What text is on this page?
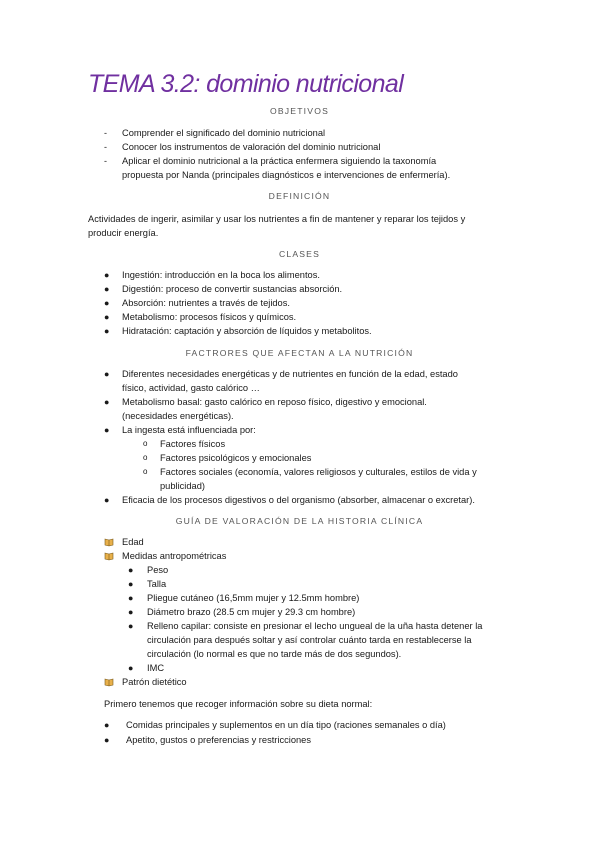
TEMA 3.2: dominio nutricional
OBJETIVOS
- Comprender el significado del dominio nutricional
- Conocer los instrumentos de valoración del dominio nutricional
- Aplicar el dominio nutricional a la práctica enfermera siguiendo la taxonomía
propuesta por Nanda (principales diagnósticos e intervenciones de enfermería).
DEFINICIÓN
Actividades de ingerir, asimilar y usar los nutrientes a fin de mantener y reparar los tejidos y
producir energía.
CLASES
● Ingestión: introducción en la boca los alimentos.
● Digestión: proceso de convertir sustancias absorción.
● Absorción: nutrientes a través de tejidos.
● Metabolismo: procesos físicos y químicos.
● Hidratación: captación y absorción de líquidos y metabolitos.
FACTRORES QUE AFECTAN A LA NUTRICIÓN
● Diferentes necesidades energéticas y de nutrientes en función de la edad, estado
físico, actividad, gasto calórico …
● Metabolismo basal: gasto calórico en reposo físico, digestivo y emocional.
(necesidades energéticas).
● La ingesta está influenciada por:
o Factores físicos
o Factores psicológicos y emocionales
o Factores sociales (economía, valores religiosos y culturales, estilos de vida y
publicidad)
● Eficacia de los procesos digestivos o del organismo (absorber, almacenar o excretar).
GUÍA DE VALORACIÓN DE LA HISTORIA CLÍNICA
Edad
Medidas antropométricas
● Peso
● Talla
● Pliegue cutáneo (16,5mm mujer y 12.5mm hombre)
● Diámetro brazo (28.5 cm mujer y 29.3 cm hombre)
● Relleno capilar: consiste en presionar el lecho ungueal de la uña hasta detener la
circulación para después soltar y así controlar cuánto tarda en restablecerse la
circulación (lo normal es que no tarde más de dos segundos).
● IMC
Patrón dietético
Primero tenemos que recoger información sobre su dieta normal:
● Comidas principales y suplementos en un día tipo (raciones semanales o día)
● Apetito, gustos o preferencias y restricciones
